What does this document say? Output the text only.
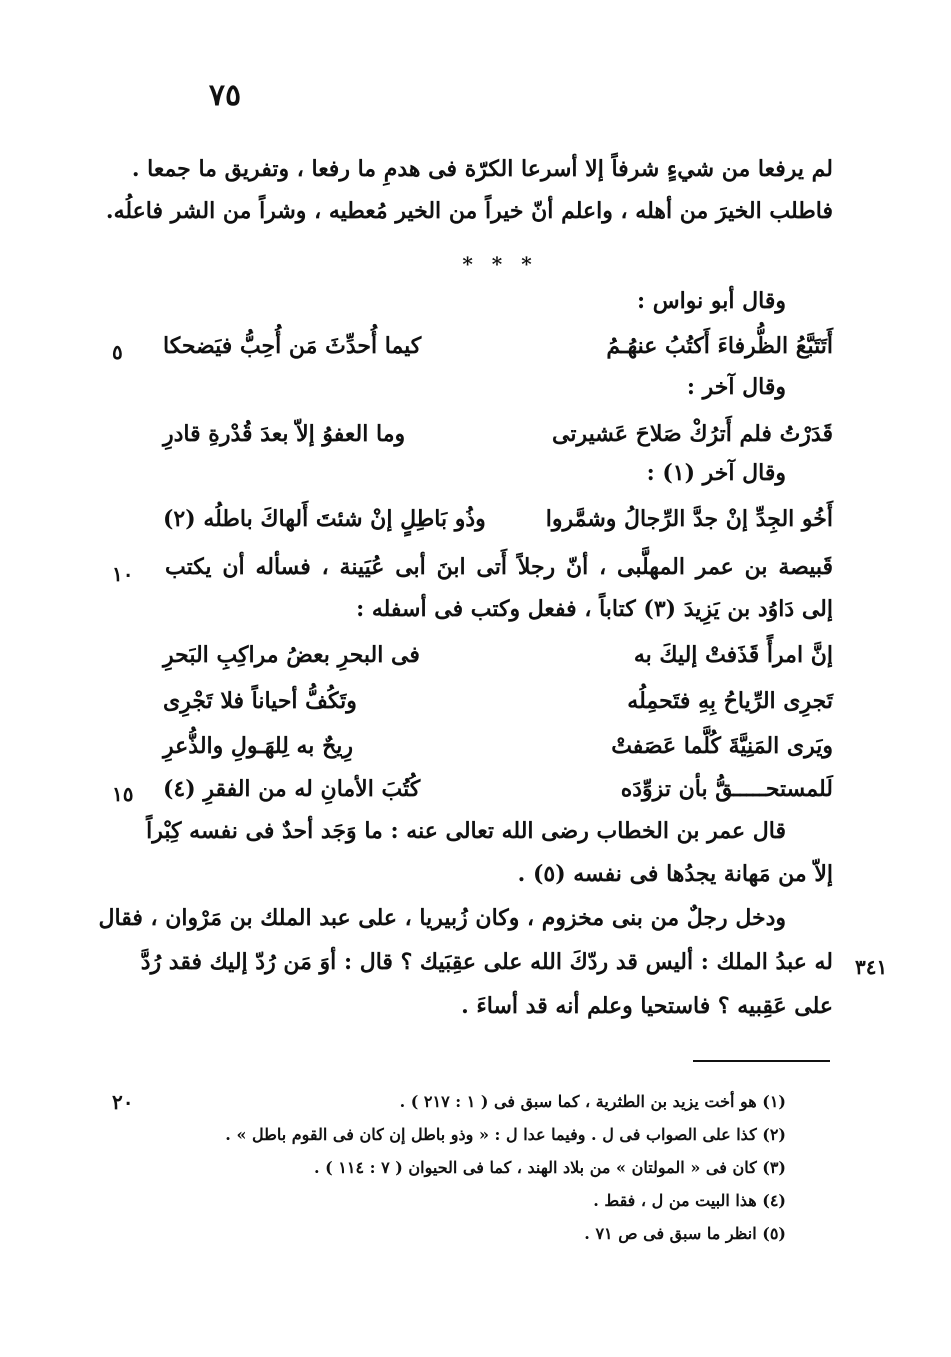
٧٥
لم يرفعا من شيءٍ شرفاً إلا أسرعا الكرّة فى هدمِ ما رفعا ، وتفريق ما جمعا .
فاطلب الخيرَ من أهله ، واعلم أنّ خيراً من الخير مُعطيه ، وشراً من الشر فاعلُه.
* * *
وقال أبو نواس :
أَتَتَبَّعُ الظُّرفاءَ أَكتُبُ عنهُـمُ
كيما أُحدِّثَ مَن أُحِبُّ فيَضحكا
٥
وقال آخر :
قَدَرْتُ فلم أَترُكْ صَلاحَ عَشيرتى
وما العفوُ إلاّ بعدَ قُدْرةِ قادرِ
وقال آخر (١) :
أَخُو الجِدِّ إنْ جدَّ الرِّجالُ وشمَّروا
وذُو بَاطِلٍ إنْ شئتَ أَلهاكَ باطلُه (٢)
قَبيصة بن عمر المهلَّبى ، أنّ رجلاً أَتى ابنَ أبى عُيَينة ، فسأله أن يكتب
١٠
إلى دَاوُد بن يَزِيدَ (٣) كتاباً ، ففعل وكتب فى أسفله :
إنَّ امرأً قَذَفتْ إليكَ به
فى البحرِ بعضُ مراكِبِ البَحرِ
تَجرِى الرِّياحُ بِهِ فتَحمِلُه
وتَكُفُّ أحياناً فلا تَجْرِى
ويَرى المَنِيَّةَ كُلَّما عَصَفتْ
رِيحٌ به لِلهَـولِ والذُّعرِ
لَلمستحـــــقُّ بأن تزوِّدَه
كُتُبَ الأمانِ له من الفقرِ (٤)
١٥
قال عمر بن الخطاب رضى الله تعالى عنه : ما وَجَد أحدٌ فى نفسه كِبْراً
إلاّ من مَهانة يجدُها فى نفسه (٥) .
ودخل رجلٌ من بنى مخزوم ، وكان زُبيريا ، على عبد الملك بن مَرْوان ، فقال
له عبدُ الملك : أليس قد ردّكَ الله على عقِبَيك ؟ قال : أوَ مَن رُدّ إليك فقد رُدَّ ٣٤١
على عَقِبيه ؟ فاستحيا وعلم أنه قد أساءَ .
٢٠	(١) هو أخت يزيد بن الطثرية ، كما سبق فى ( ١ : ٢١٧ ) .
(٢) كذا على الصواب فى ل . وفيما عدا ل : « وذو باطل إن كان فى القوم باطل » .
(٣) كان فى « المولتان » من بلاد الهند ، كما فى الحيوان ( ٧ : ١١٤ ) .
(٤) هذا البيت من ل ، فقط .
(٥) انظر ما سبق فى ص ٧١ .
